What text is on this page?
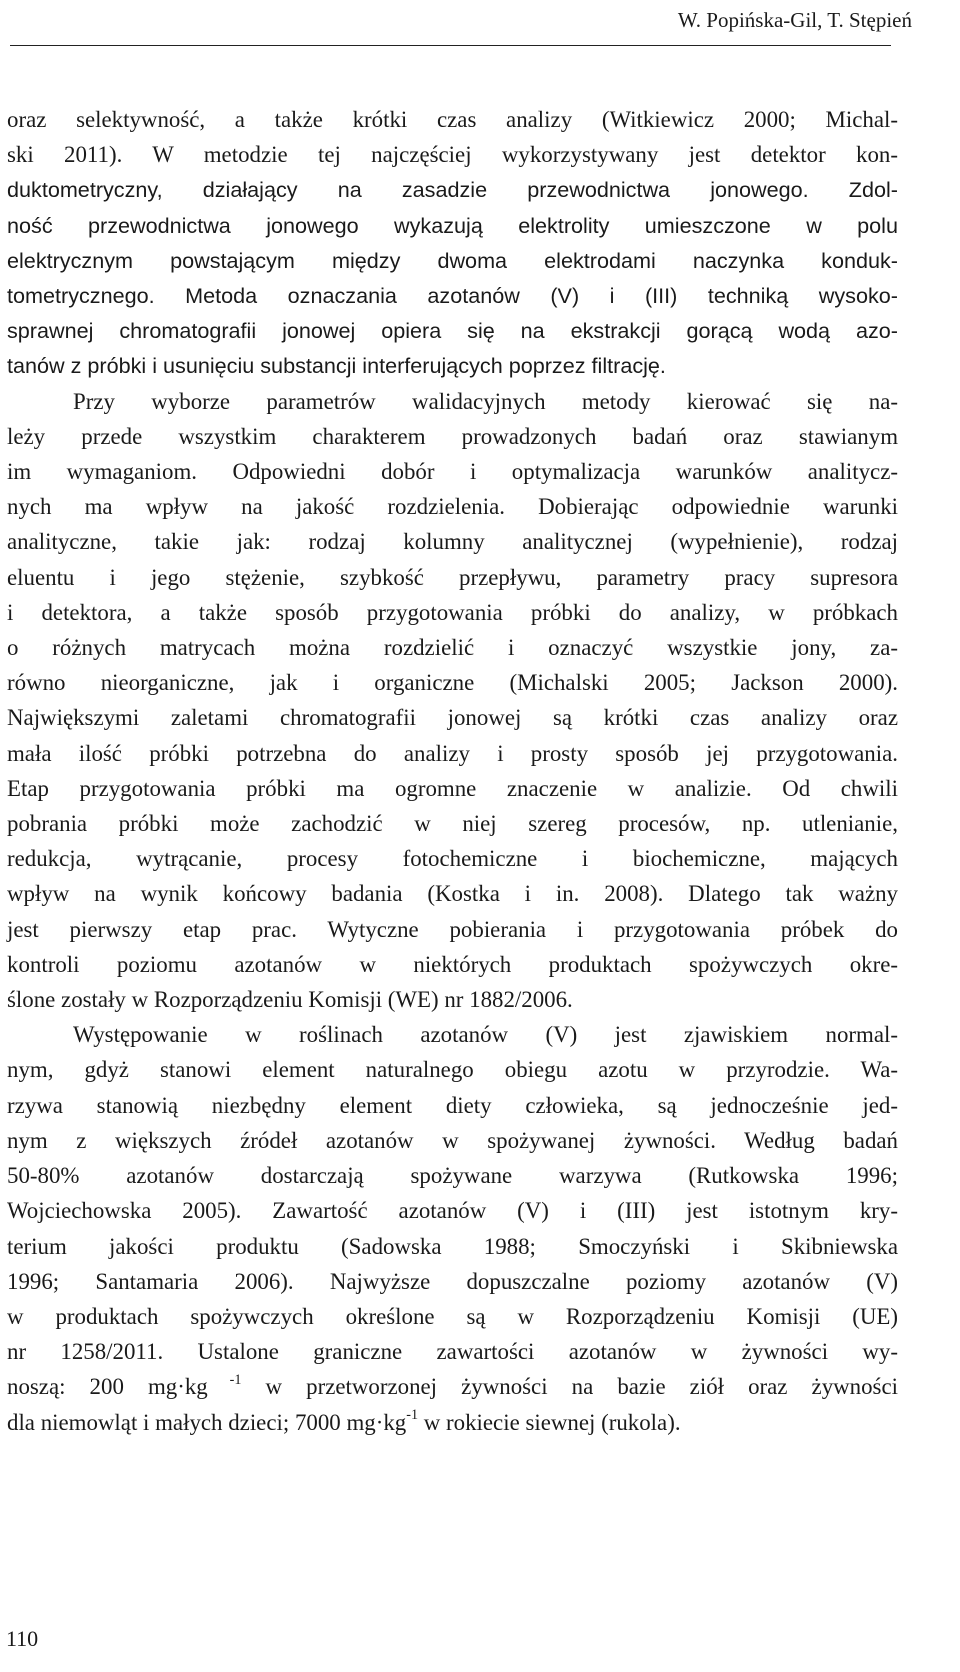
W. Popińska-Gil, T. Stępień
oraz selektywność, a także krótki czas analizy (Witkiewicz 2000; Michal-
ski 2011). W metodzie tej najczęściej wykorzystywany jest detektor kon-
duktometryczny, działający na zasadzie przewodnictwa jonowego. Zdol-
ność przewodnictwa jonowego wykazują elektrolity umieszczone w polu
elektrycznym powstającym między dwoma elektrodami naczynka konduk-
tometrycznego. Metoda oznaczania azotanów (V) i (III) techniką wysoko-
sprawnej chromatografii jonowej opiera się na ekstrakcji gorącą wodą azo-
tanów z próbki i usunięciu substancji interferujących poprzez filtrację.
Przy wyborze parametrów walidacyjnych metody kierować się na-
leży przede wszystkim charakterem prowadzonych badań oraz stawianym
im wymaganiom. Odpowiedni dobór i optymalizacja warunków analitycz-
nych ma wpływ na jakość rozdzielenia. Dobierając odpowiednie warunki
analityczne, takie jak: rodzaj kolumny analitycznej (wypełnienie), rodzaj
eluentu i jego stężenie, szybkość przepływu, parametry pracy supresora
i detektora, a także sposób przygotowania próbki do analizy, w próbkach
o różnych matrycach można rozdzielić i oznaczyć wszystkie jony, za-
równo nieorganiczne, jak i organiczne (Michalski 2005; Jackson 2000).
Największymi zaletami chromatografii jonowej są krótki czas analizy oraz
mała ilość próbki potrzebna do analizy i prosty sposób jej przygotowania.
Etap przygotowania próbki ma ogromne znaczenie w analizie. Od chwili
pobrania próbki może zachodzić w niej szereg procesów, np. utlenianie,
redukcja, wytrącanie, procesy fotochemiczne i biochemiczne, mających
wpływ na wynik końcowy badania (Kostka i in. 2008). Dlatego tak ważny
jest pierwszy etap prac. Wytyczne pobierania i przygotowania próbek do
kontroli poziomu azotanów w niektórych produktach spożywczych okre-
ślone zostały w Rozporządzeniu Komisji (WE) nr 1882/2006.
Występowanie w roślinach azotanów (V) jest zjawiskiem normal-
nym, gdyż stanowi element naturalnego obiegu azotu w przyrodzie. Wa-
rzywa stanowią niezbędny element diety człowieka, są jednocześnie jed-
nym z większych źródeł azotanów w spożywanej żywności. Według badań
50-80% azotanów dostarczają spożywane warzywa (Rutkowska 1996;
Wojciechowska 2005). Zawartość azotanów (V) i (III) jest istotnym kry-
terium jakości produktu (Sadowska 1988; Smoczyński i Skibniewska
1996; Santamaria 2006). Najwyższe dopuszczalne poziomy azotanów (V)
w produktach spożywczych określone są w Rozporządzeniu Komisji (UE)
nr 1258/2011. Ustalone graniczne zawartości azotanów w żywności wy-
noszą: 200 mg·kg $^{-1}$ w przetworzonej żywności na bazie ziół oraz żywności
dla niemowląt i małych dzieci; 7000 $mg\cdot kg^{-1}$ w rokiecie siewnej (rukola).
110
